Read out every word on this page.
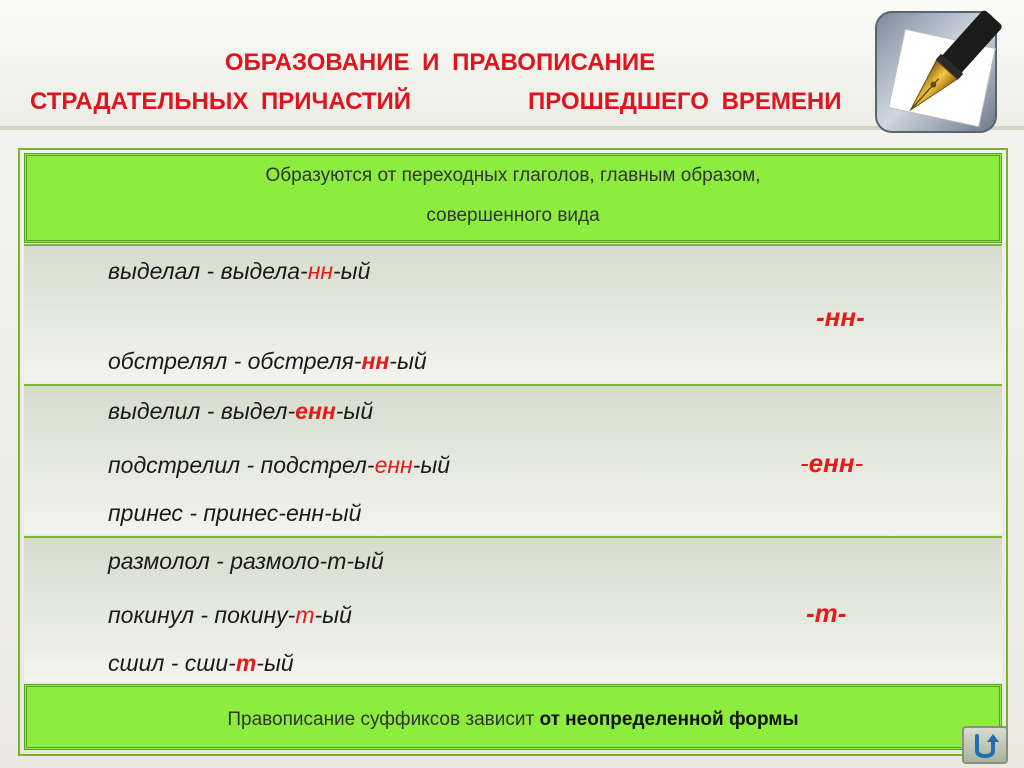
ОБРАЗОВАНИЕ И ПРАВОПИСАНИЕ
СТРАДАТЕЛЬНЫХ ПРИЧАСТИЙ	ПРОШЕДШЕГО ВРЕМЕНИ
Образуются от переходных глаголов, главным образом,
совершенного вида
выделал - выдела-нн-ый
-нн-
обстрелял - обстреля-нн-ый
выделил - выдел-енн-ый
подстрелил - подстрел-енн-ый	-енн-
принес - принес-енн-ый
размолол - размоло-т-ый
покинул - покину-т-ый	-т-
сшил - сши-т-ый
Правописание суффиксов зависит от неопределенной формы
